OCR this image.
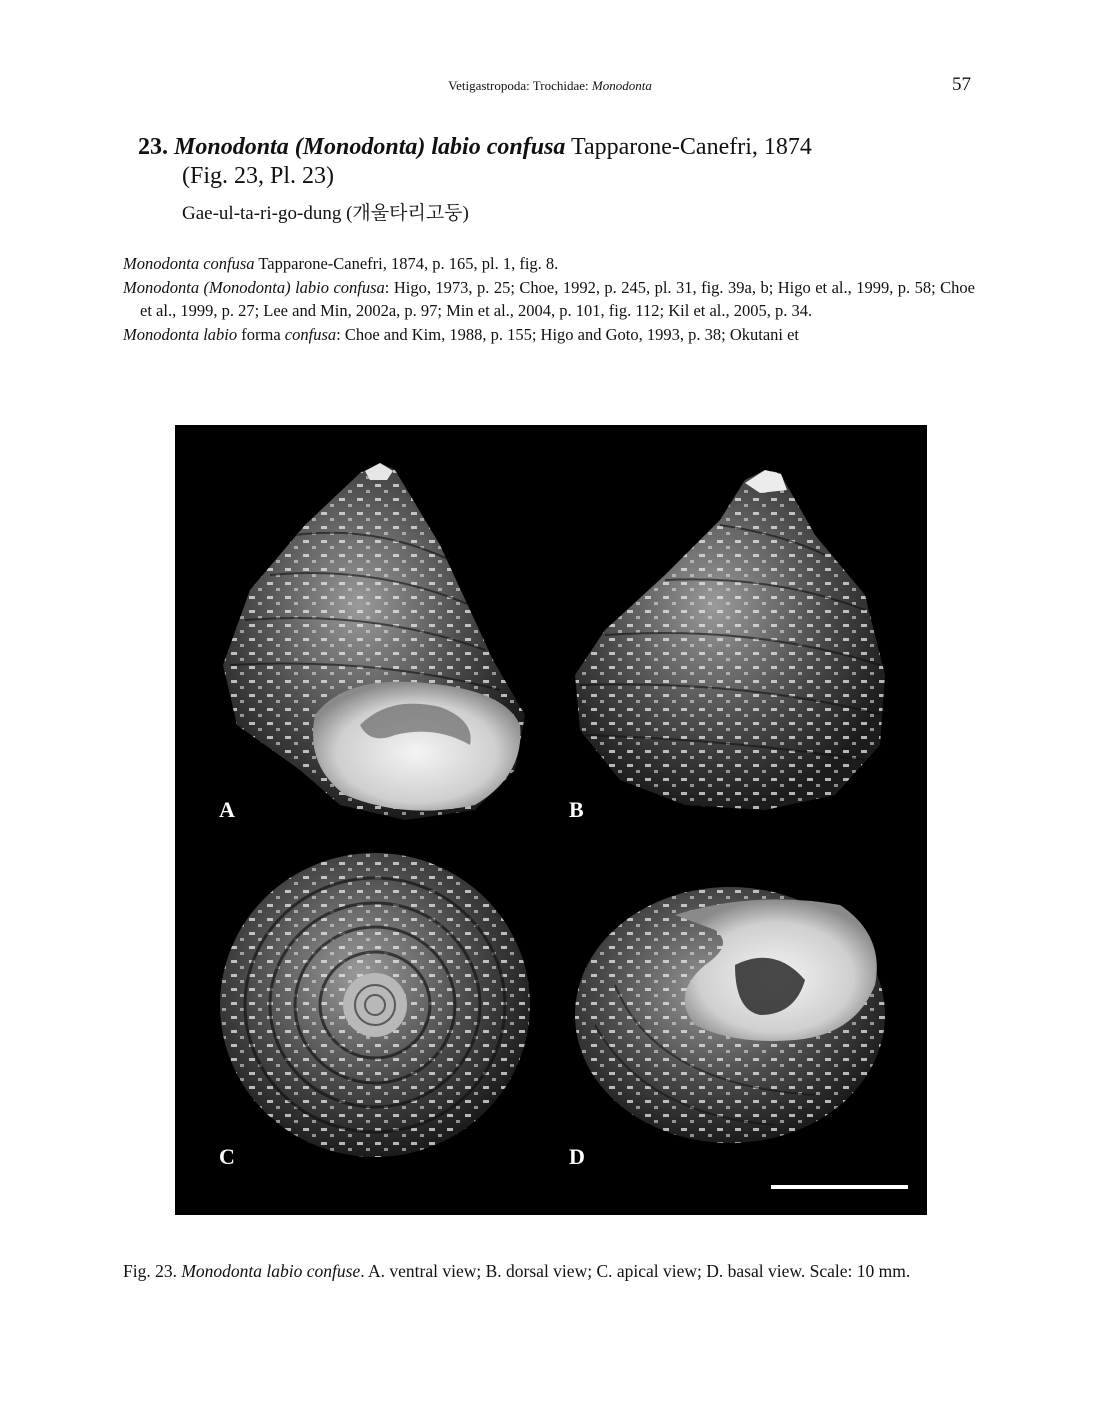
Vetigastropoda: Trochidae: Monodonta	57
23. Monodonta (Monodonta) labio confusa Tapparone-Canefri, 1874
(Fig. 23, Pl. 23)
Gae-ul-ta-ri-go-dung (개울타리고둥)

Monodonta confusa Tapparone-Canefri, 1874, p. 165, pl. 1, fig. 8.

Monodonta (Monodonta) labio confusa: Higo, 1973, p. 25; Choe, 1992, p. 245, pl. 31, fig. 39a, b; Higo et al., 1999, p. 58; Choe et al., 1999, p. 27; Lee and Min, 2002a, p. 97; Min et al., 2004, p. 101, fig. 112; Kil et al., 2005, p. 34.

Monodonta labio forma confusa: Choe and Kim, 1988, p. 155; Higo and Goto, 1993, p. 38; Okutani et

A	B
C	D
Fig. 23. Monodonta labio confuse. A. ventral view; B. dorsal view; C. apical view; D. basal view. Scale: 10 mm.
